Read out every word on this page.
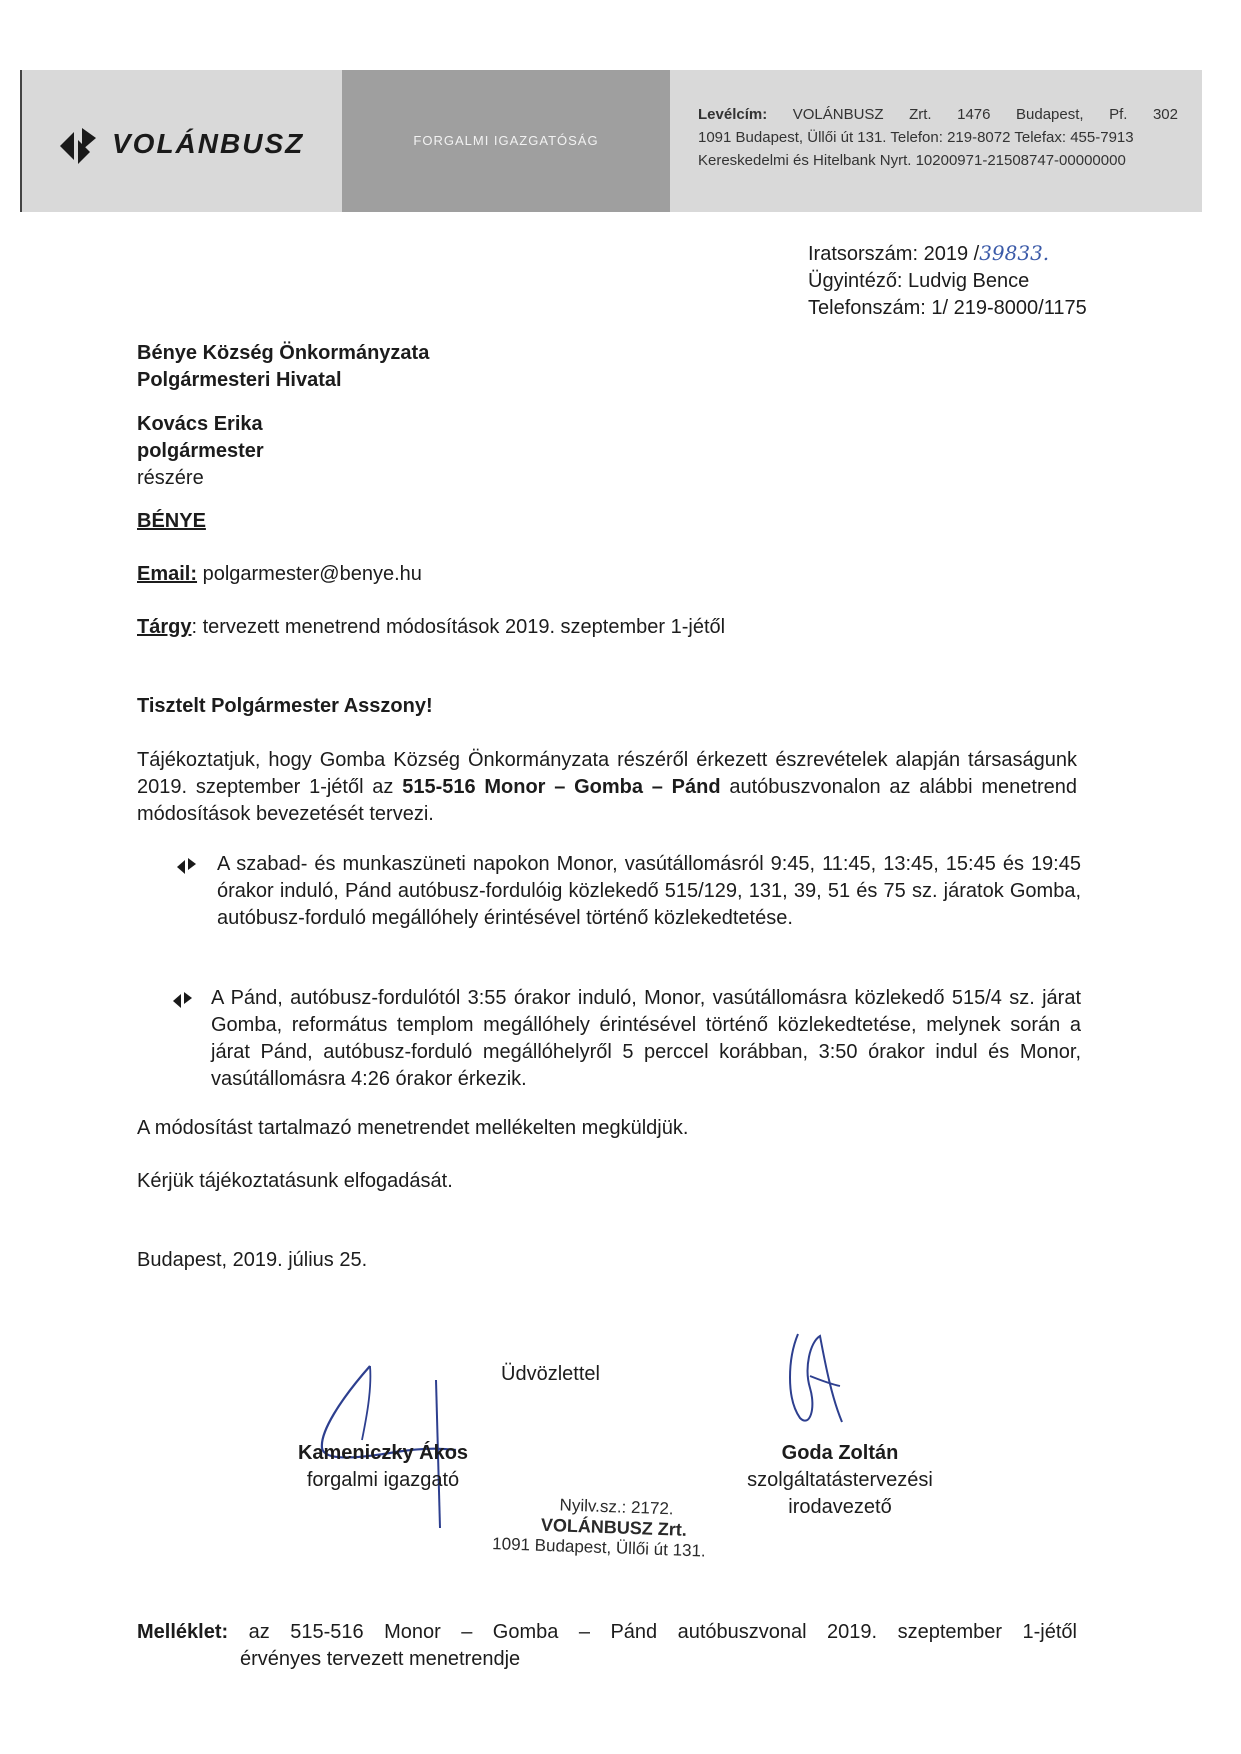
VOLÁNBUSZ	FORGALMI IGAZGATÓSÁG
Levélcím: VOLÁNBUSZ Zrt. 1476 Budapest, Pf. 302
1091 Budapest, Üllői út 131. Telefon: 219-8072 Telefax: 455-7913
Kereskedelmi és Hitelbank Nyrt. 10200971-21508747-00000000
Iratsorszám: 2019 /39833.
Ügyintéző: Ludvig Bence
Telefonszám: 1/ 219-8000/1175
Bénye Község Önkormányzata
Polgármesteri Hivatal
Kovács Erika
polgármester
részére
BÉNYE
Email: polgarmester@benye.hu
Tárgy: tervezett menetrend módosítások 2019. szeptember 1-jétől
Tisztelt Polgármester Asszony!
Tájékoztatjuk, hogy Gomba Község Önkormányzata részéről érkezett észrevételek alapján társaságunk 2019. szeptember 1-jétől az 515-516 Monor – Gomba – Pánd autóbuszvonalon az alábbi menetrend módosítások bevezetését tervezi.
A szabad- és munkaszüneti napokon Monor, vasútállomásról 9:45, 11:45, 13:45, 15:45 és 19:45 órakor induló, Pánd autóbusz-fordulóig közlekedő 515/129, 131, 39, 51 és 75 sz. járatok Gomba, autóbusz-forduló megállóhely érintésével történő közlekedtetése.
A Pánd, autóbusz-fordulótól 3:55 órakor induló, Monor, vasútállomásra közlekedő 515/4 sz. járat Gomba, református templom megállóhely érintésével történő közlekedtetése, melynek során a járat Pánd, autóbusz-forduló megállóhelyről 5 perccel korábban, 3:50 órakor indul és Monor, vasútállomásra 4:26 órakor érkezik.
A módosítást tartalmazó menetrendet mellékelten megküldjük.
Kérjük tájékoztatásunk elfogadását.
Budapest, 2019. július 25.
Üdvözlettel
Kameniczky Ákos
forgalmi igazgató
Goda Zoltán
szolgáltatástervezési
irodavezető
Nyilv.sz.: 2172.
VOLÁNBUSZ Zrt.
1091 Budapest, Üllői út 131.
Melléklet: az 515-516 Monor – Gomba – Pánd autóbuszvonal 2019. szeptember 1-jétől
érvényes tervezett menetrendje
